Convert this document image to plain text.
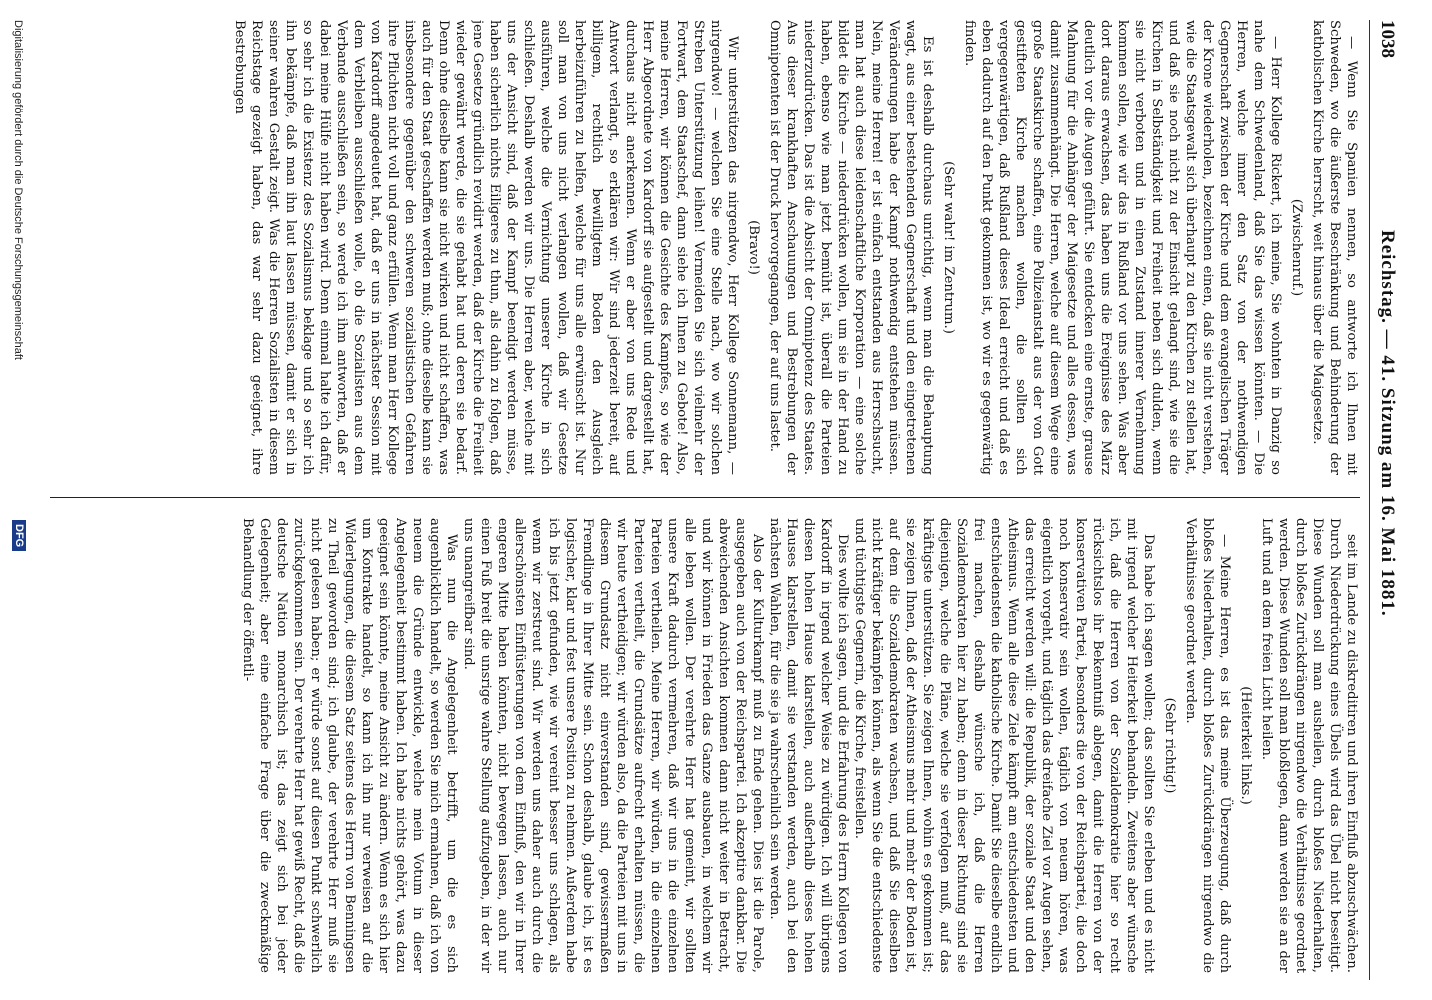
1038
Reichstag. — 41. Sitzung am 16. Mai 1881.

— Wenn Sie Spanien nennen, so antworte ich Ihnen mit Schweden, wo die äußerste Beschränkung und Behinderung der katholischen Kirche herrscht, weit hinaus über die Maigesetze.

(Zwischenruf.)

— Herr Kollege Rickert, ich meine, Sie wohnten in Danzig so nahe dem Schwedenland, daß Sie das wissen könnten. — Die Herren, welche immer den Satz von der nothwendigen Gegnerschaft zwischen der Kirche und dem evangelischen Träger der Krone wiederholen, bezeichnen einen, daß sie nicht verstehen, wie die Staatsgewalt sich überhaupt zu den Kirchen zu stellen hat, und daß sie noch nicht zu der Einsicht gelangt sind, wie sie die Kirchen in Selbständigkeit und Freiheit neben sich dulden, wenn sie nicht verboten und in einen Zustand innerer Vernehmung kommen sollen, wie wir das in Rußland vor uns sehen. Was aber dort daraus erwachsen, das haben uns die Ereignisse des März deutlich vor die Augen geführt. Sie entdecken eine ernste, grause Mahnung für die Anhänger der Maigesetze und alles dessen, was damit zusammenhängt. Die Herren, welche auf diesem Wege eine große Staatskirche schaffen, eine Polizeianstalt aus der von Gott gestifteten Kirche machen wollen, die sollten sich vergegenwärtigen, daß Rußland dieses Ideal erreicht und daß es eben dadurch auf den Punkt gekommen ist, wo wir es gegenwärtig finden.

(Sehr wahr! im Zentrum.)

Es ist deshalb durchaus unrichtig, wenn man die Behauptung wagt, aus einer bestehenden Gegnerschaft und den eingetretenen Veränderungen habe der Kampf nothwendig entstehen müssen. Nein, meine Herren! er ist einfach entstanden aus Herrschsucht, man hat auch diese leidenschaftliche Korporation — eine solche bildet die Kirche — niederdrücken wollen, um sie in der Hand zu haben, ebenso wie man jetzt bemüht ist, überall die Parteien niederzudrücken. Das ist die Absicht der Omnipotenz des Staates. Aus dieser krankhaften Anschauungen und Bestrebungen der Omnipotenten ist der Druck hervorgegangen, der auf uns lastet.

(Bravo!)

Wir unterstützen das nirgendwo, Herr Kollege Sonnemann, — nirgendwo! — welchen Sie eine Stelle nach, wo wir solchen Streben Unterstützung leihen! Vermeiden Sie sich vielmehr der Fortwart, dem Staatschef, dann siehe ich Ihnen zu Gebote! Also, meine Herren, wir können die Gesichte des Kampfes, so wie der Herr Abgeordnete von Kardorff sie aufgestellt und dargestellt hat, durchaus nicht anerkennen. Wenn er aber von uns Rede und Antwort verlangt, so erklären wir: Wir sind jederzeit bereit, auf billigem, rechtlich bewilligtem Boden den Ausgleich herbeizuführen zu helfen, welche für uns alle erwünscht ist. Nur soll man von uns nicht verlangen wollen, daß wir Gesetze ausführen, welche die Vernichtung unserer Kirche in sich schließen. Deshalb werden wir uns. Die Herren aber, welche mit uns der Ansicht sind, daß der Kampf beendigt werden müsse, haben sicherlich nichts Eiligeres zu thun, als dahin zu folgen, daß jene Gesetze gründlich revidirt werden, daß der Kirche die Freiheit wieder gewährt werde, die sie gehabt hat und deren sie bedarf. Denn ohne dieselbe kann sie nicht wirken und nicht schaffen, was auch für den Staat geschaffen werden muß; ohne dieselbe kann sie insbesondere gegenüber den schweren sozialistischen Gefahren ihre Pflichten nicht voll und ganz erfüllen. Wenn man Herr Kollege von Kardorff angedeutet hat, daß er uns in nächster Session mit dem Verbleiben ausschließen wolle, ob die Sozialisten aus dem Verbande ausschließen sein, so werde ich ihm antworten, daß er dabei meine Hülfe nicht haben wird. Denn einmal halte ich dafür, so sehr ich die Existenz des Sozialismus beklage und so sehr ich ihn bekämpfe, daß man ihn laut lassen müssen, damit er sich in seiner wahren Gestalt zeigt. Was die Herren Sozialisten in diesem Reichstage gezeigt haben, das war sehr dazu geeignet, ihre Bestrebungen

seit im Lande zu diskreditiren und ihren Einfluß abzuschwächen. Durch Niederdrückung eines Übels wird das Übel nicht beseitigt. Diese Wunden soll man ausheilen, durch bloßes Niederhalten, durch bloßes Zurückdrängen nirgendwo die Verhältnisse geordnet werden. Diese Wunden soll man bloßlegen, dann werden sie an der Luft und an dem freien Licht heilen.

(Heiterkeit links.)

— Meine Herren, es ist das meine Überzeugung, daß durch bloßes Niederhalten, durch bloßes Zurückdrängen nirgendwo die Verhältnisse geordnet werden.

(Sehr richtig!)

Das habe ich sagen wollen; das sollten Sie erleben und es nicht mit irgend welcher Heiterkeit behandeln. Zweitens aber wünsche ich, daß die Herren von der Sozialdemokratie hier so recht rücksichtslos ihr Bekenntniß ablegen, damit die Herren von der konservativen Partei, besonders die von der Reichspartei, die doch noch konservativ sein wollen, täglich von neuem hören, was eigentlich vorgeht, und täglich das dreifache Ziel vor Augen sehen, das erreicht werden will: die Republik, der soziale Staat und den Atheismus. Wenn alle diese Ziele kämpft am entschiedensten und entschiedensten die katholische Kirche. Damit Sie dieselbe endlich frei machen, deshalb wünsche ich, daß die Herren Sozialdemokraten hier zu haben; denn in dieser Richtung sind sie diejenigen, welche die Pläne, welche sie verfolgen muß, auf das kräftigste unterstützen. Sie zeigen Ihnen, wohin es gekommen ist; sie zeigen Ihnen, daß der Atheismus mehr und mehr der Boden ist, auf dem die Sozialdemokraten wachsen, und daß Sie dieselben nicht kräftiger bekämpfen können, als wenn Sie die entschiedenste und tüchtigste Gegnerin, die Kirche, freistellen.

Dies wollte ich sagen, und die Erfahrung des Herrn Kollegen von Kardorff in irgend welcher Weise zu würdigen. Ich will übrigens diesen hohen Hause klarstellen, auch außerhalb dieses hohen Hauses klarstellen, damit sie verstanden werden, auch bei den nächsten Wahlen, für die sie ja wahrscheinlich sein werden.

Also der Kulturkampf muß zu Ende gehen. Dies ist die Parole, ausgegeben auch von der Reichspartei. Ich akzeptire dankbar. Die abweichenden Ansichten kommen dann nicht weiter in Betracht, und wir können in Frieden das Ganze ausbauen, in welchem wir alle leben wollen. Der verehrte Herr hat gemeint, wir sollten unsere Kraft dadurch vermehren, daß wir uns in die einzelnen Parteien vertheilen. Meine Herren, wir würden, in die einzelnen Parteien vertheilt, die Grundsätze aufrecht erhalten müssen, die wir heute vertheidigen; wir würden also, da die Parteien mit uns in diesem Grundsatz nicht einverstanden sind, gewissermaßen Fremdlinge in Ihrer Mitte sein. Schon deshalb, glaube ich, ist es logischer, klar und fest unsere Position zu nehmen. Außerdem habe ich bis jetzt gefunden, wie wir vereint besser uns schlagen, als wenn wir zerstreut sind. Wir werden uns daher auch durch die allerschönsten Einflüsterungen von dem Einfluß, den wir in Ihrer engeren Mitte haben könnten, nicht bewegen lassen, auch nur einen Fuß breit die unsrige wahre Stellung aufzugeben, in der wir uns unangreifbar sind.

Was nun die Angelegenheit betrifft, um die es sich augenblicklich handelt, so werden Sie mich ermahnen, daß ich von neuem die Gründe entwickle, welche mein Votum in dieser Angelegenheit bestimmt haben. Ich habe nichts gehört, was dazu geeignet sein könnte, meine Ansicht zu ändern. Wenn es sich hier um Kontrakte handelt, so kann ich ihn nur verweisen auf die Widerlegungen, die diesem Satz seitens des Herrn von Benningsen zu Theil geworden sind; ich glaube, der verehrte Herr muß sie nicht gelesen haben; er würde sonst auf diesen Punkt schwerlich zurückgekommen sein. Der verehrte Herr hat gewiß Recht, daß die deutsche Nation monarchisch ist; das zeigt sich bei jeder Gelegenheit; aber eine einfache Frage über die zweckmäßige Behandlung der öffentli-

Digitalisierung gefördert durch die Deutsche Forschungsgemeinschaft
DFG
